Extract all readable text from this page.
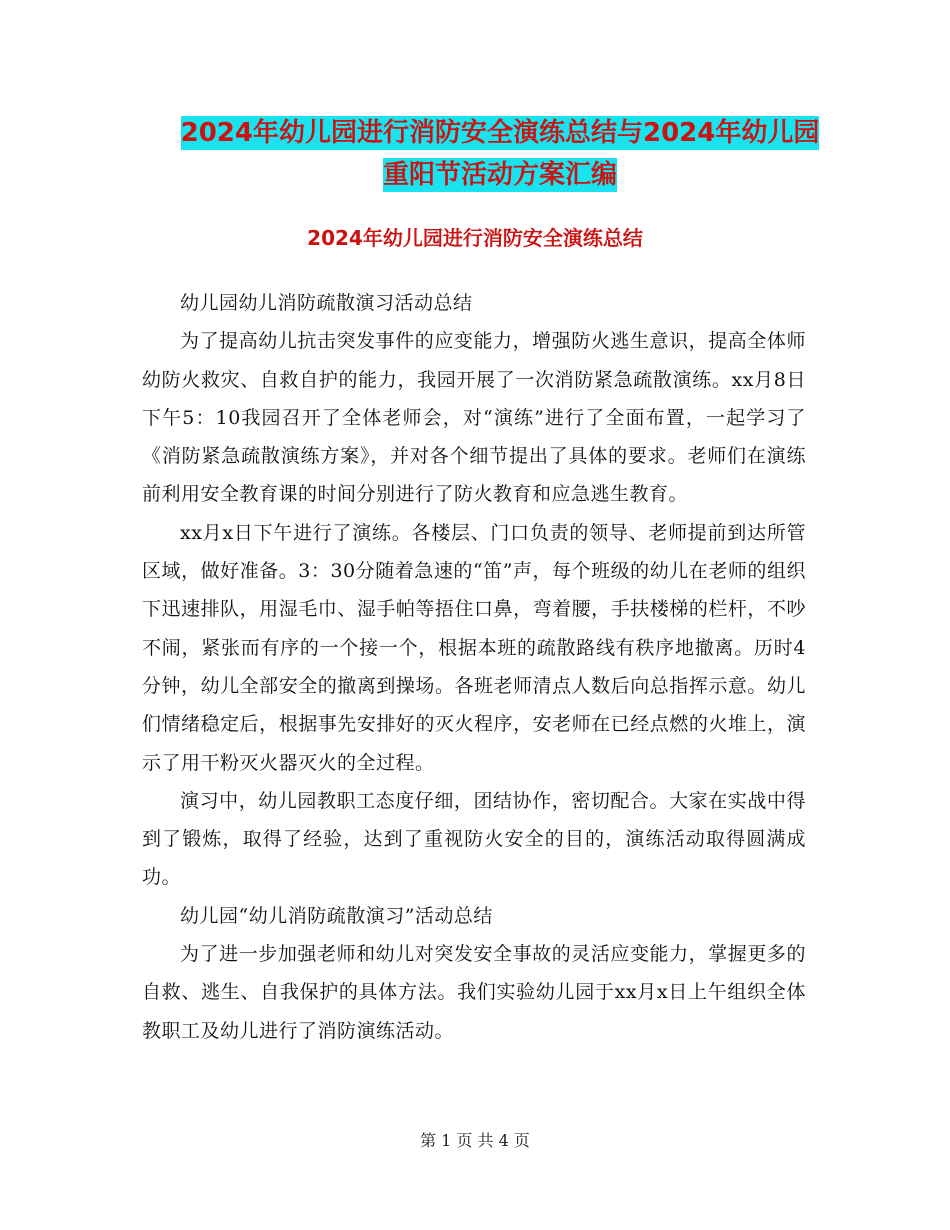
2024年幼儿园进行消防安全演练总结与2024年幼儿园
重阳节活动方案汇编
2024年幼儿园进行消防安全演练总结

幼儿园幼儿消防疏散演习活动总结

为了提高幼儿抗击突发事件的应变能力，增强防火逃生意识，提高全体师幼防火救灾、自救自护的能力，我园开展了一次消防紧急疏散演练。xx月8日下午5：10我园召开了全体老师会，对“演练”进行了全面布置，一起学习了《消防紧急疏散演练方案》，并对各个细节提出了具体的要求。老师们在演练前利用安全教育课的时间分别进行了防火教育和应急逃生教育。

xx月x日下午进行了演练。各楼层、门口负责的领导、老师提前到达所管区域，做好准备。3：30分随着急速的“笛”声，每个班级的幼儿在老师的组织下迅速排队，用湿毛巾、湿手帕等捂住口鼻，弯着腰，手扶楼梯的栏杆，不吵不闹，紧张而有序的一个接一个，根据本班的疏散路线有秩序地撤离。历时4分钟，幼儿全部安全的撤离到操场。各班老师清点人数后向总指挥示意。幼儿们情绪稳定后，根据事先安排好的灭火程序，安老师在已经点燃的火堆上，演示了用干粉灭火器灭火的全过程。

演习中，幼儿园教职工态度仔细，团结协作，密切配合。大家在实战中得到了锻炼，取得了经验，达到了重视防火安全的目的，演练活动取得圆满成功。

幼儿园“幼儿消防疏散演习”活动总结

为了进一步加强老师和幼儿对突发安全事故的灵活应变能力，掌握更多的自救、逃生、自我保护的具体方法。我们实验幼儿园于xx月x日上午组织全体教职工及幼儿进行了消防演练活动。

第 1 页 共 4 页
